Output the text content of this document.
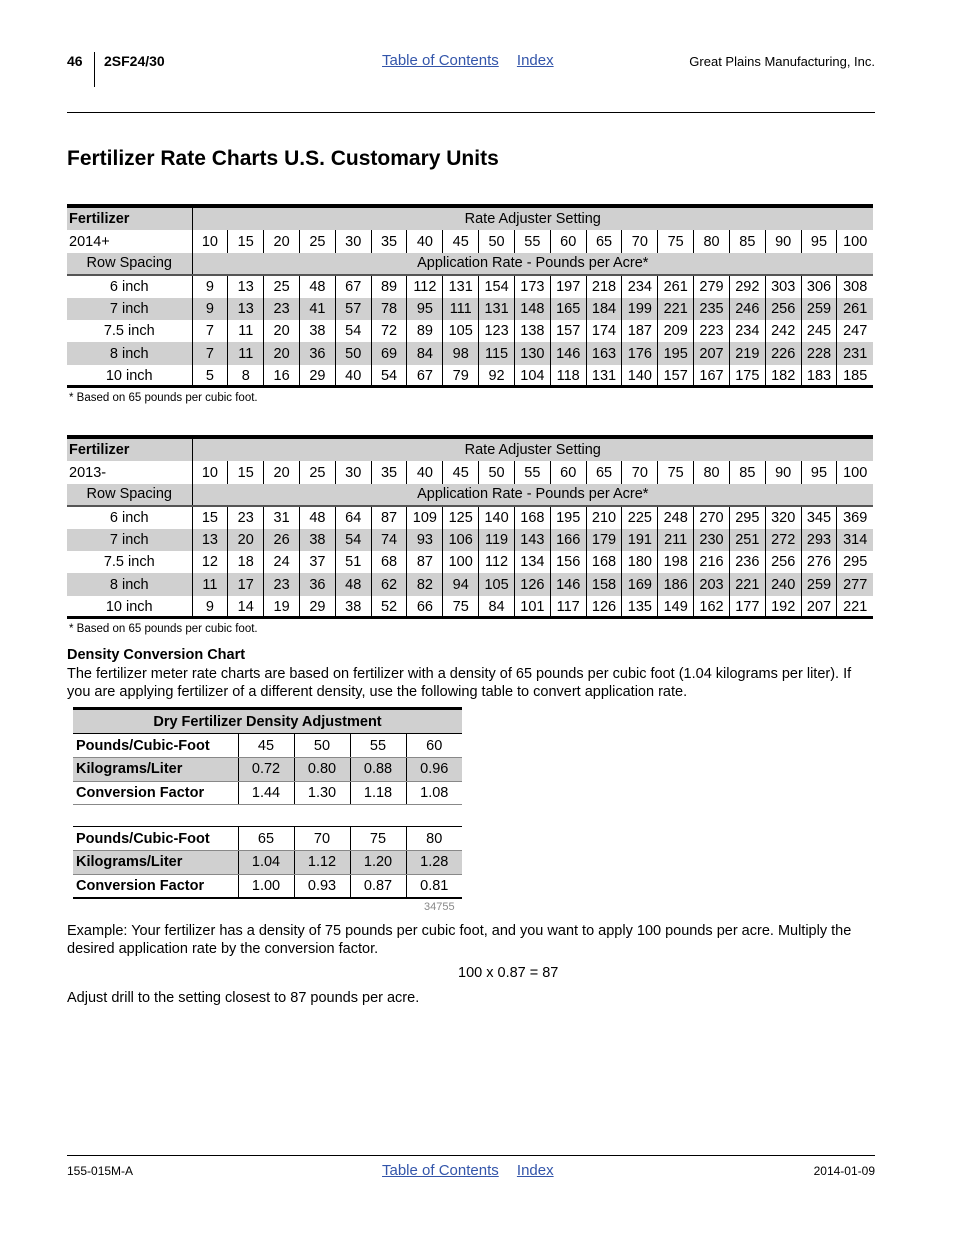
46 2SF24/30	Table of Contents Index	Great Plains Manufacturing, Inc.
Fertilizer Rate Charts U.S. Customary Units
Fertilizer	Rate Adjuster Setting																		
2014+	10	15	20	25	30	35	40	45	50	55	60	65	70	75	80	85	90	95	100
Row Spacing	Application Rate - Pounds per Acre*																		
6 inch	9	13	25	48	67	89	112	131	154	173	197	218	234	261	279	292	303	306	308
7 inch	9	13	23	41	57	78	95	111	131	148	165	184	199	221	235	246	256	259	261
7.5 inch	7	11	20	38	54	72	89	105	123	138	157	174	187	209	223	234	242	245	247
8 inch	7	11	20	36	50	69	84	98	115	130	146	163	176	195	207	219	226	228	231
10 inch	5	8	16	29	40	54	67	79	92	104	118	131	140	157	167	175	182	183	185
* Based on 65 pounds per cubic foot.
Fertilizer	Rate Adjuster Setting																		
2013-	10	15	20	25	30	35	40	45	50	55	60	65	70	75	80	85	90	95	100
Row Spacing	Application Rate - Pounds per Acre*																		
6 inch	15	23	31	48	64	87	109	125	140	168	195	210	225	248	270	295	320	345	369
7 inch	13	20	26	38	54	74	93	106	119	143	166	179	191	211	230	251	272	293	314
7.5 inch	12	18	24	37	51	68	87	100	112	134	156	168	180	198	216	236	256	276	295
8 inch	11	17	23	36	48	62	82	94	105	126	146	158	169	186	203	221	240	259	277
10 inch	9	14	19	29	38	52	66	75	84	101	117	126	135	149	162	177	192	207	221
* Based on 65 pounds per cubic foot.
Density Conversion Chart
The fertilizer meter rate charts are based on fertilizer with a density of 65 pounds per cubic foot (1.04 kilograms per liter). If you are applying fertilizer of a different density, use the following table to convert application rate.
Dry Fertilizer Density Adjustment
Pounds/Cubic-Foot	45	50	55	60
Kilograms/Liter	0.72	0.80	0.88	0.96
Conversion Factor	1.44	1.30	1.18	1.08
Pounds/Cubic-Foot	65	70	75	80
Kilograms/Liter	1.04	1.12	1.20	1.28
Conversion Factor	1.00	0.93	0.87	0.81
34755
Example: Your fertilizer has a density of 75 pounds per cubic foot, and you want to apply 100 pounds per acre. Multiply the desired application rate by the conversion factor.
100 x 0.87 = 87
Adjust drill to the setting closest to 87 pounds per acre.
155-015M-A	Table of Contents Index	2014-01-09
